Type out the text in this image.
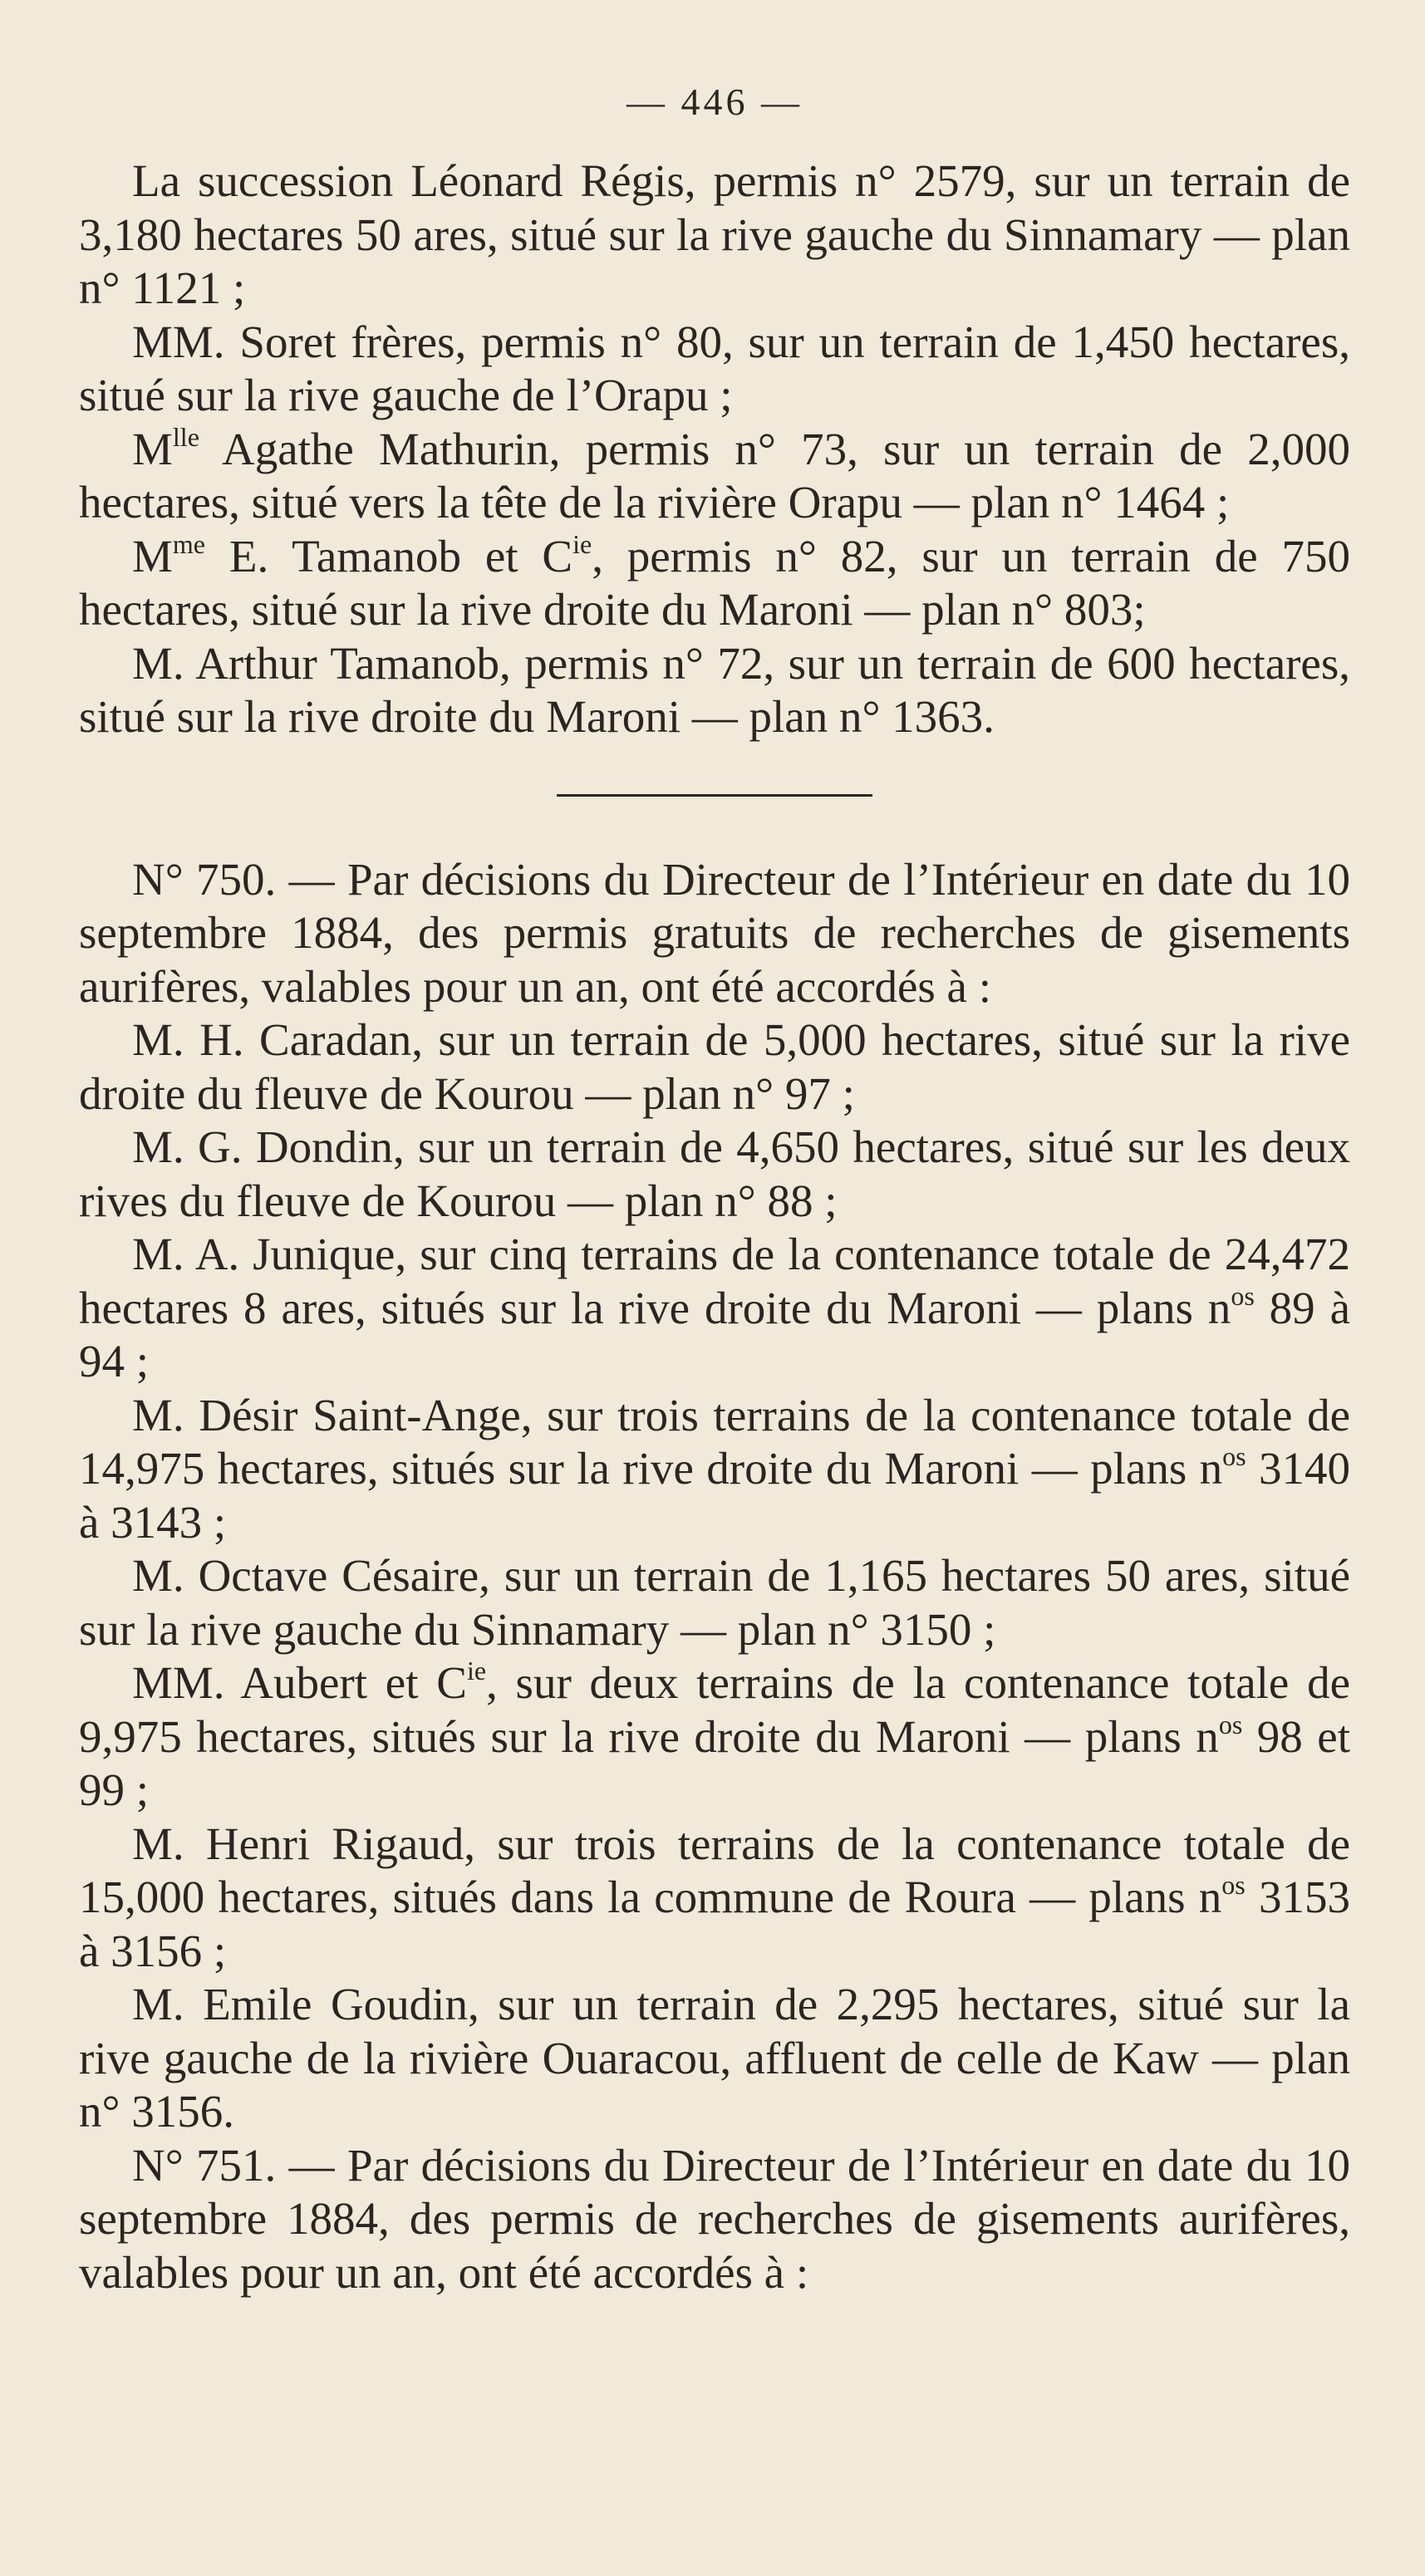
— 446 —

La succession Léonard Régis, permis n° 2579, sur un terrain de 3,180 hectares 50 ares, situé sur la rive gauche du Sinnamary — plan n° 1121 ;

MM. Soret frères, permis n° 80, sur un terrain de 1,450 hectares, situé sur la rive gauche de l’Orapu ;

$M^{lle}$ Agathe Mathurin, permis n° 73, sur un terrain de 2,000 hectares, situé vers la tête de la rivière Orapu — plan n° 1464 ;

$M^{me}$ E. Tamanob et $C^{ie}$, permis n° 82, sur un terrain de 750 hectares, situé sur la rive droite du Maroni — plan n° 803;

M. Arthur Tamanob, permis n° 72, sur un terrain de 600 hectares, situé sur la rive droite du Maroni — plan n° 1363.

N° 750. — Par décisions du Directeur de l’Intérieur en date du 10 septembre 1884, des permis gratuits de recherches de gisements aurifères, valables pour un an, ont été accordés à :

M. H. Caradan, sur un terrain de 5,000 hectares, situé sur la rive droite du fleuve de Kourou — plan n° 97 ;

M. G. Dondin, sur un terrain de 4,650 hectares, situé sur les deux rives du fleuve de Kourou — plan n° 88 ;

M. A. Junique, sur cinq terrains de la contenance totale de 24,472 hectares 8 ares, situés sur la rive droite du Maroni — plans $n^{os}$ 89 à 94 ;

M. Désir Saint-Ange, sur trois terrains de la contenance totale de 14,975 hectares, situés sur la rive droite du Maroni — plans $n^{os}$ 3140 à 3143 ;

M. Octave Césaire, sur un terrain de 1,165 hectares 50 ares, situé sur la rive gauche du Sinnamary — plan n° 3150 ;

MM. Aubert et $C^{ie}$, sur deux terrains de la contenance totale de 9,975 hectares, situés sur la rive droite du Maroni — plans $n^{os}$ 98 et 99 ;

M. Henri Rigaud, sur trois terrains de la contenance totale de 15,000 hectares, situés dans la commune de Roura — plans $n^{os}$ 3153 à 3156 ;

M. Emile Goudin, sur un terrain de 2,295 hectares, situé sur la rive gauche de la rivière Ouaracou, affluent de celle de Kaw — plan n° 3156.

N° 751. — Par décisions du Directeur de l’Intérieur en date du 10 septembre 1884, des permis de recherches de gisements aurifères, valables pour un an, ont été accordés à :
